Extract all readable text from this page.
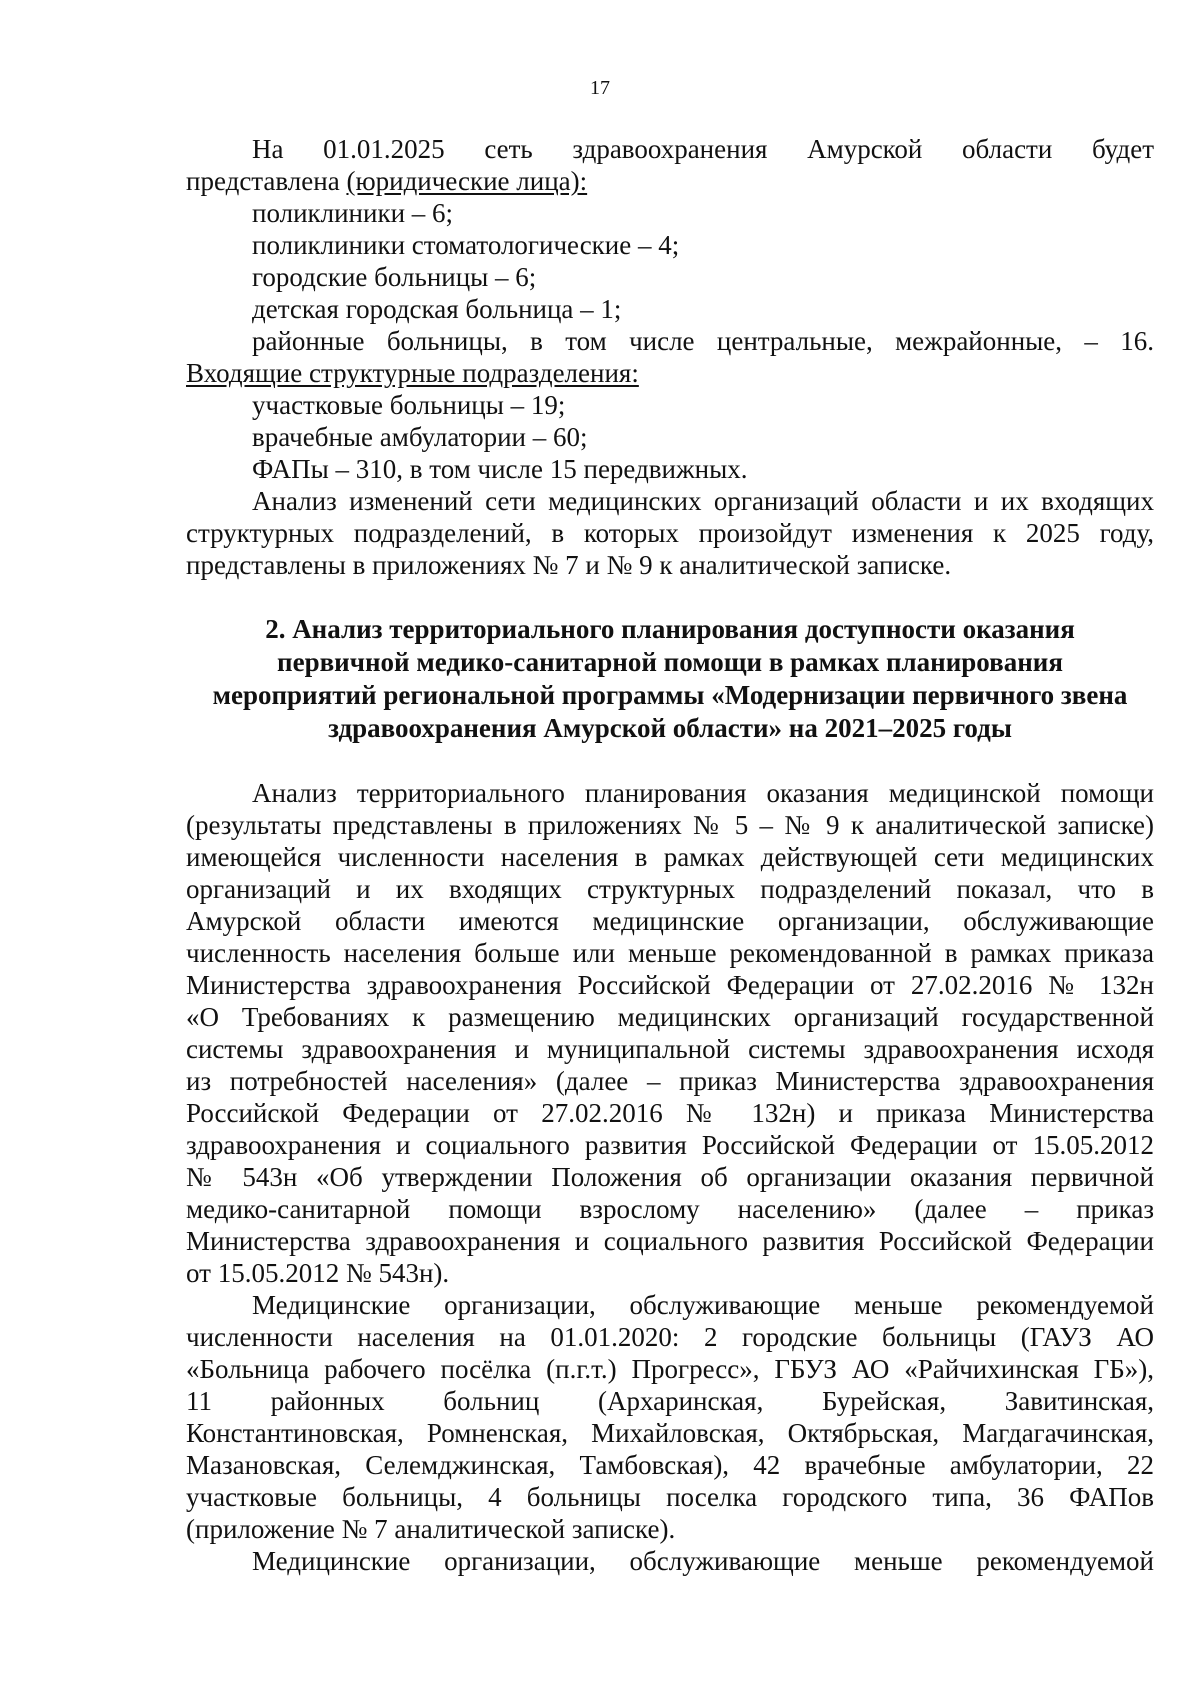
17
На 01.01.2025 сеть здравоохранения Амурской области будет
представлена (юридические лица):
поликлиники – 6;
поликлиники стоматологические – 4;
городские больницы – 6;
детская городская больница – 1;
районные больницы, в том числе центральные, межрайонные, – 16.
Входящие структурные подразделения:
участковые больницы – 19;
врачебные амбулатории – 60;
ФАПы – 310, в том числе 15 передвижных.
Анализ изменений сети медицинских организаций области и их входящих
структурных подразделений, в которых произойдут изменения к 2025 году,
представлены в приложениях № 7 и № 9 к аналитической записке.
2. Анализ территориального планирования доступности оказания
первичной медико-санитарной помощи в рамках планирования
мероприятий региональной программы «Модернизации первичного звена
здравоохранения Амурской области» на 2021–2025 годы
Анализ территориального планирования оказания медицинской помощи
(результаты представлены в приложениях № 5 – № 9 к аналитической записке)
имеющейся численности населения в рамках действующей сети медицинских
организаций и их входящих структурных подразделений показал, что в
Амурской области имеются медицинские организации, обслуживающие
численность населения больше или меньше рекомендованной в рамках приказа
Министерства здравоохранения Российской Федерации от 27.02.2016 № 132н
«О Требованиях к размещению медицинских организаций государственной
системы здравоохранения и муниципальной системы здравоохранения исходя
из потребностей населения» (далее – приказ Министерства здравоохранения
Российской Федерации от 27.02.2016 № 132н) и приказа Министерства
здравоохранения и социального развития Российской Федерации от 15.05.2012
№ 543н «Об утверждении Положения об организации оказания первичной
медико-санитарной помощи взрослому населению» (далее – приказ
Министерства здравоохранения и социального развития Российской Федерации
от 15.05.2012 № 543н).
Медицинские организации, обслуживающие меньше рекомендуемой
численности населения на 01.01.2020: 2 городские больницы (ГАУЗ АО
«Больница рабочего посёлка (п.г.т.) Прогресс», ГБУЗ АО «Райчихинская ГБ»),
11 районных больниц (Архаринская, Бурейская, Завитинская,
Константиновская, Ромненская, Михайловская, Октябрьская, Магдагачинская,
Мазановская, Селемджинская, Тамбовская), 42 врачебные амбулатории, 22
участковые больницы, 4 больницы поселка городского типа, 36 ФАПов
(приложение № 7 аналитической записке).
Медицинские организации, обслуживающие меньше рекомендуемой
